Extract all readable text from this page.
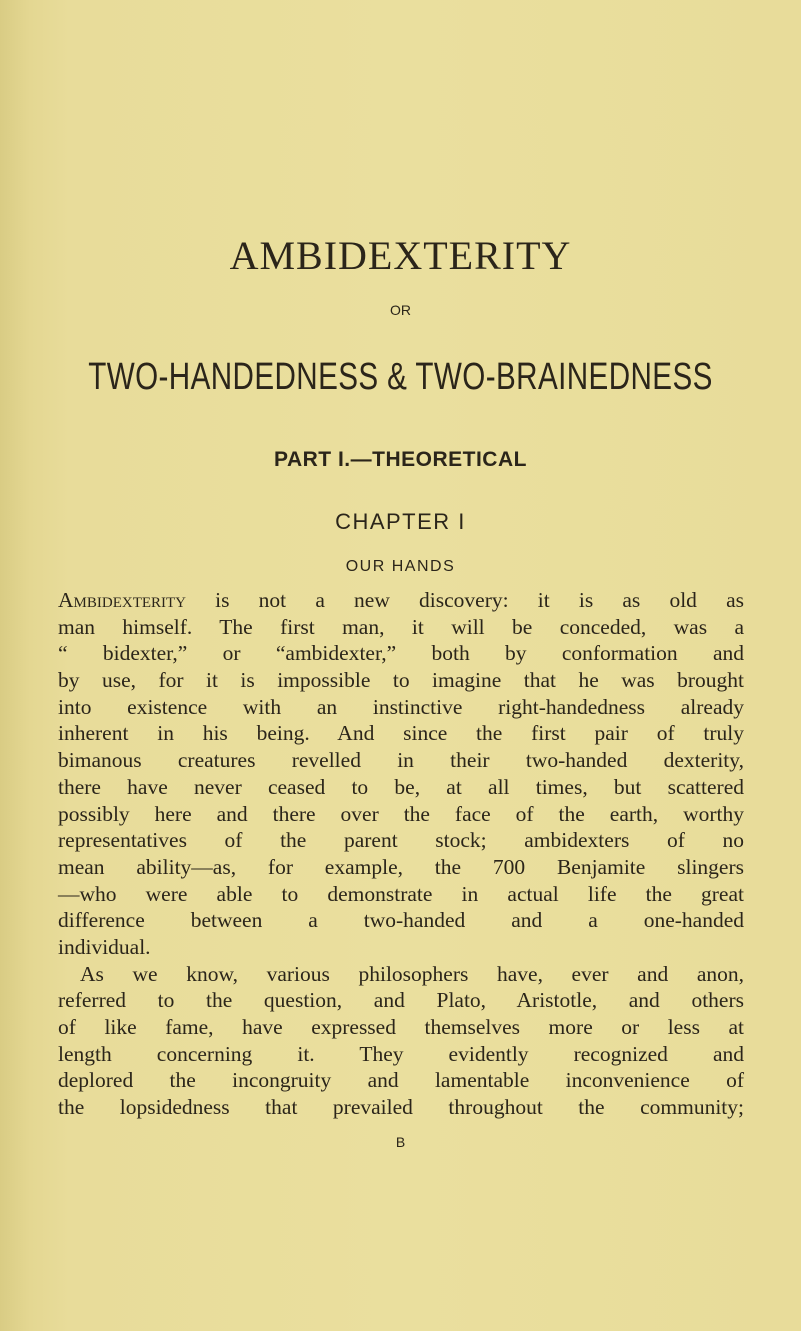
AMBIDEXTERITY
OR
TWO-HANDEDNESS & TWO-BRAINEDNESS
PART I.—THEORETICAL
CHAPTER I
OUR HANDS
Ambidexterity is not a new discovery: it is as old as
man himself. The first man, it will be conceded, was a
“ bidexter,” or “ambidexter,” both by conformation and
by use, for it is impossible to imagine that he was brought
into existence with an instinctive right-handedness already
inherent in his being. And since the first pair of truly
bimanous creatures revelled in their two-handed dexterity,
there have never ceased to be, at all times, but scattered
possibly here and there over the face of the earth, worthy
representatives of the parent stock; ambidexters of no
mean ability—as, for example, the 700 Benjamite slingers
—who were able to demonstrate in actual life the great
difference between a two-handed and a one-handed
individual.
As we know, various philosophers have, ever and anon,
referred to the question, and Plato, Aristotle, and others
of like fame, have expressed themselves more or less at
length concerning it. They evidently recognized and
deplored the incongruity and lamentable inconvenience of
the lopsidedness that prevailed throughout the community;
B
